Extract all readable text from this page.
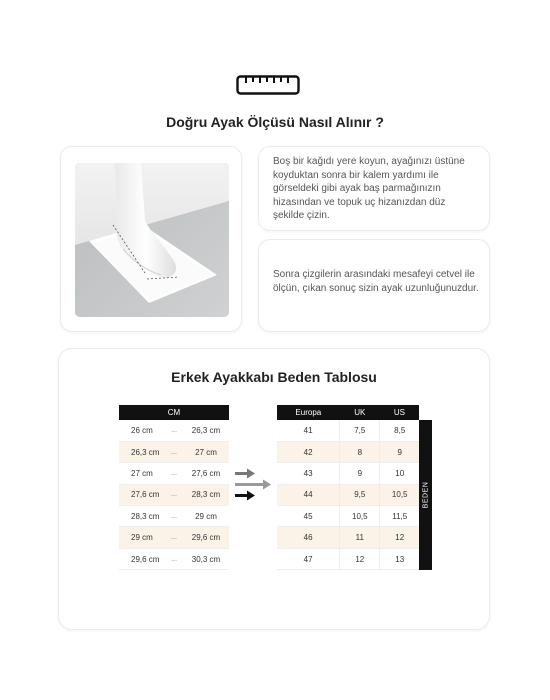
Doğru Ayak Ölçüsü Nasıl Alınır ?
Boş bir kağıdı yere koyun, ayağınızı üstüne koyduktan sonra bir kalem yardımı ile görseldeki gibi ayak baş parmağınızın hizasından ve topuk uç hizanızdan düz şekilde çizin.
Sonra çizgilerin arasındaki mesafeyi cetvel ile ölçün, çıkan sonuç sizin ayak uzunluğunuzdur.
Erkek Ayakkabı Beden Tablosu
CM		
26 cm	...	26,3 cm
26,3 cm	...	27 cm
27 cm	...	27,6 cm
27,6 cm	...	28,3 cm
28,3 cm	...	29 cm
29 cm	...	29,6 cm
29,6 cm	...	30,3 cm
Europa	UK	US
41	7,5	8,5
42	8	9
43	9	10
44	9,5	10,5
45	10,5	11,5
46	11	12
47	12	13
BEDEN
